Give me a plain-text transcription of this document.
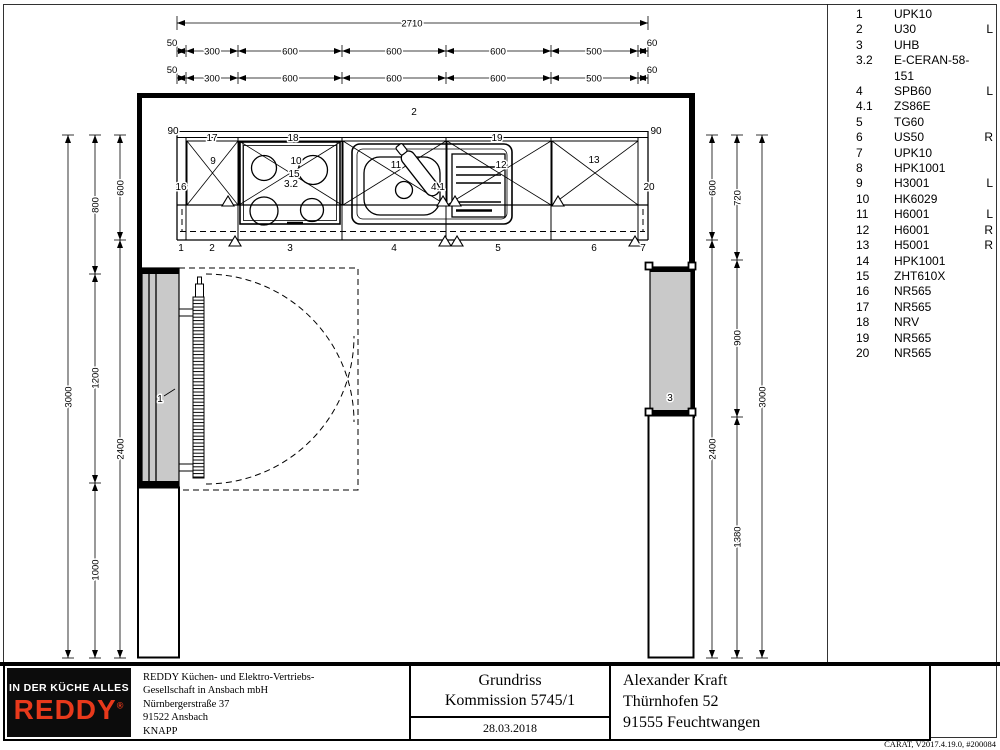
2710
50
300	600	600	600	500
60
50
300	600	600	600	500
60
3000
800
1200
1000
600
2400
600
2400
720
900
1380
3000
2
90	90
17	18	19
16	20
9	10	11	12	13
15
3.2	4.1
1	2	3	4	5	6	7
1	3
1	UPK10
2	U30	L
3	UHB
3.2	E-CERAN-58-151
4	SPB60	L
4.1	ZS86E
5	TG60
6	US50	R
7	UPK10
8	HPK1001
9	H3001	L
10	HK6029
11	H6001	L
12	H6001	R
13	H5001	R
14	HPK1001
15	ZHT610X
16	NR565
17	NR565
18	NRV
19	NR565
20	NR565
IN DER KÜCHE ALLES
REDDY®
REDDY Küchen- und Elektro-Vertriebs-
Gesellschaft in Ansbach mbH
Nürnbergerstraße 37
91522 Ansbach
KNAPP
Grundriss
Kommission 5745/1
28.03.2018
Alexander Kraft
Thürnhofen 52
91555 Feuchtwangen
CARAT, V2017.4.19.0, #200084
